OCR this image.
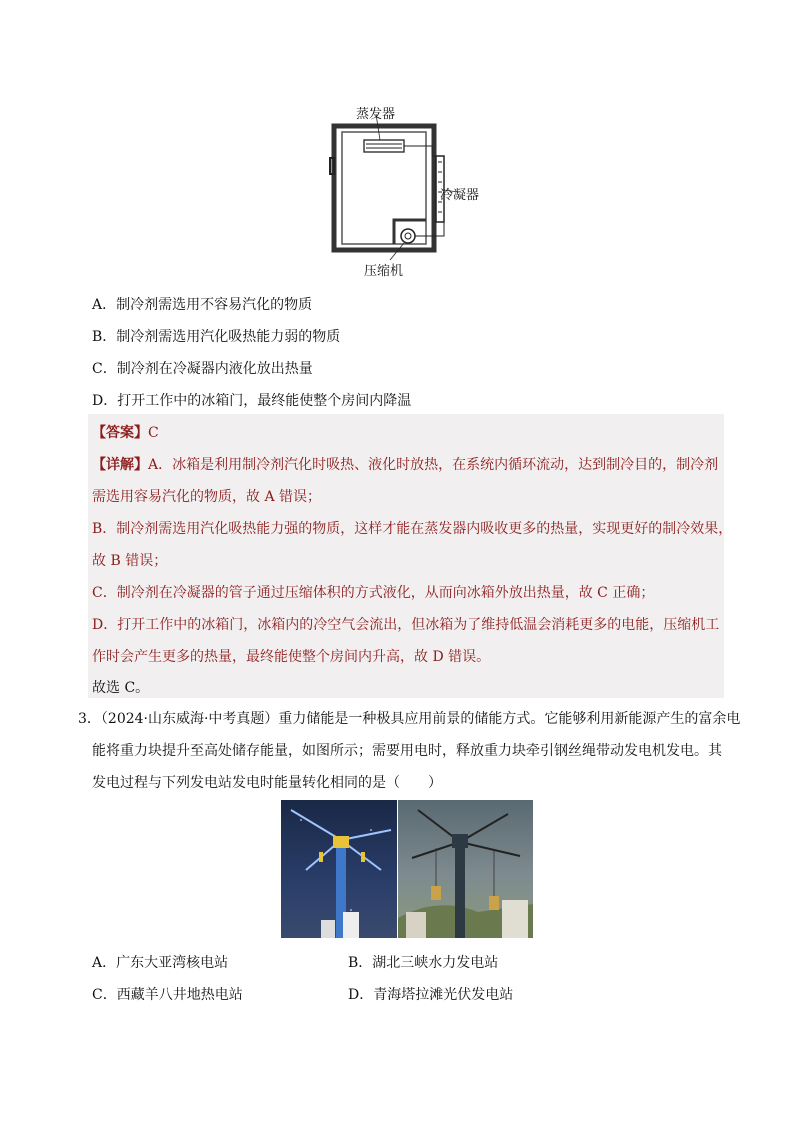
蒸发器
冷凝器
压缩机
A．制冷剂需选用不容易汽化的物质
B．制冷剂需选用汽化吸热能力弱的物质
C．制冷剂在冷凝器内液化放出热量
D．打开工作中的冰箱门，最终能使整个房间内降温
【答案】C
【详解】A．冰箱是利用制冷剂汽化时吸热、液化时放热，在系统内循环流动，达到制冷目的，制冷剂
需选用容易汽化的物质，故 A 错误；
B．制冷剂需选用汽化吸热能力强的物质，这样才能在蒸发器内吸收更多的热量，实现更好的制冷效果，
故 B 错误；
C．制冷剂在冷凝器的管子通过压缩体积的方式液化，从而向冰箱外放出热量，故 C 正确；
D．打开工作中的冰箱门，冰箱内的冷空气会流出，但冰箱为了维持低温会消耗更多的电能，压缩机工
作时会产生更多的热量，最终能使整个房间内升高，故 D 错误。
故选 C。
3．（2024·山东威海·中考真题）重力储能是一种极具应用前景的储能方式。它能够利用新能源产生的富余电
能将重力块提升至高处储存能量，如图所示；需要用电时，释放重力块牵引钢丝绳带动发电机发电。其
发电过程与下列发电站发电时能量转化相同的是（　　）
A．广东大亚湾核电站	B．湖北三峡水力发电站
C．西藏羊八井地热电站	D．青海塔拉滩光伏发电站
